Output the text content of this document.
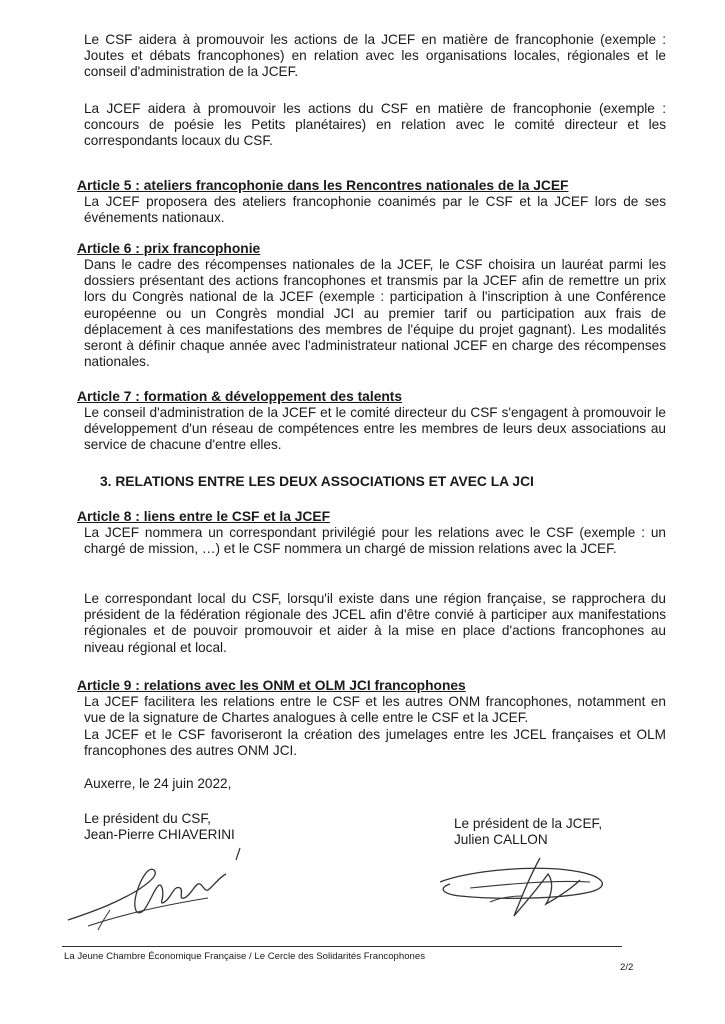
Le CSF aidera à promouvoir les actions de la JCEF en matière de francophonie (exemple : Joutes et débats francophones) en relation avec les organisations locales, régionales et le conseil d'administration de la JCEF.

La JCEF aidera à promouvoir les actions du CSF en matière de francophonie (exemple : concours de poésie les Petits planétaires) en relation avec le comité directeur et les correspondants locaux du CSF.

Article 5 : ateliers francophonie dans les Rencontres nationales de la JCEF

La JCEF proposera des ateliers francophonie coanimés par le CSF et la JCEF lors de ses événements nationaux.

Article 6 : prix francophonie

Dans le cadre des récompenses nationales de la JCEF, le CSF choisira un lauréat parmi les dossiers présentant des actions francophones et transmis par la JCEF afin de remettre un prix lors du Congrès national de la JCEF (exemple : participation à l'inscription à une Conférence européenne ou un Congrès mondial JCI au premier tarif ou participation aux frais de déplacement à ces manifestations des membres de l'équipe du projet gagnant). Les modalités seront à définir chaque année avec l'administrateur national JCEF en charge des récompenses nationales.

Article 7 : formation & développement des talents

Le conseil d'administration de la JCEF et le comité directeur du CSF s'engagent à promouvoir le développement d'un réseau de compétences entre les membres de leurs deux associations au service de chacune d'entre elles.

3. RELATIONS ENTRE LES DEUX ASSOCIATIONS ET AVEC LA JCI
Article 8 : liens entre le CSF et la JCEF

La JCEF nommera un correspondant privilégié pour les relations avec le CSF (exemple : un chargé de mission, …) et le CSF nommera un chargé de mission relations avec la JCEF.

Le correspondant local du CSF, lorsqu'il existe dans une région française, se rapprochera du président de la fédération régionale des JCEL afin d'être convié à participer aux manifestations régionales et de pouvoir promouvoir et aider à la mise en place d'actions francophones au niveau régional et local.

Article 9 : relations avec les ONM et OLM JCI francophones

La JCEF facilitera les relations entre le CSF et les autres ONM francophones, notamment en vue de la signature de Chartes analogues à celle entre le CSF et la JCEF.

La JCEF et le CSF favoriseront la création des jumelages entre les JCEL françaises et OLM francophones des autres ONM JCI.

Auxerre, le 24 juin 2022,
Le président du CSF,
Jean-Pierre CHIAVERINI
Le président de la JCEF,
Julien CALLON
La Jeune Chambre Économique Française / Le Cercle des Solidarités Francophones
2/2
